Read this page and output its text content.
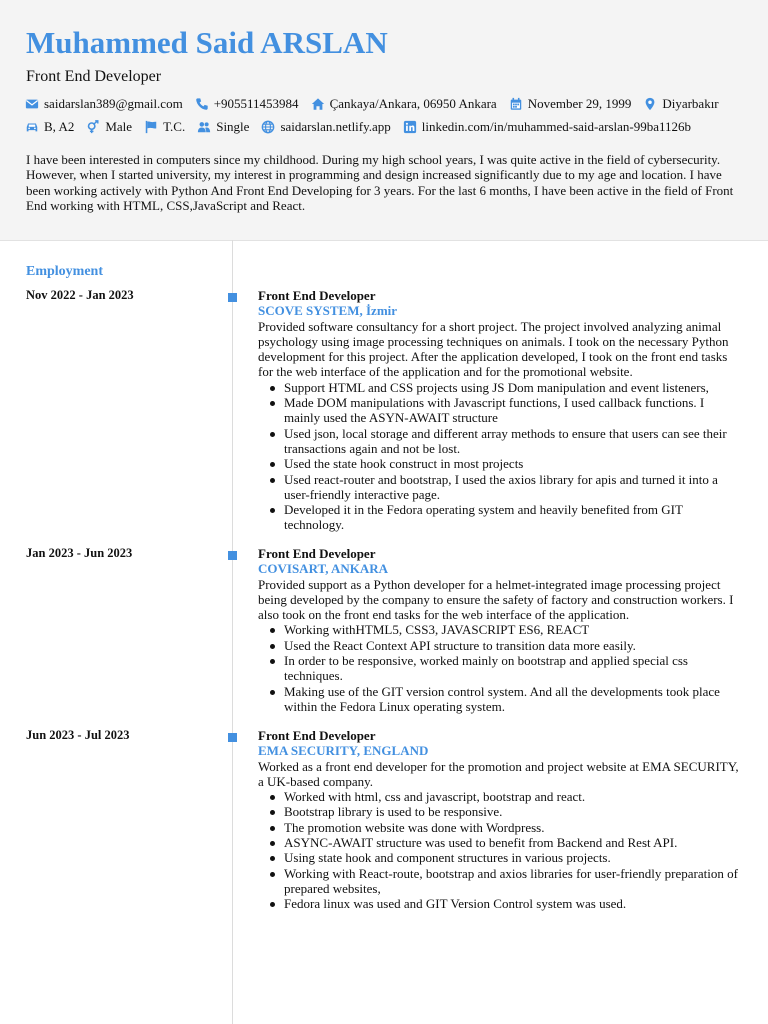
Muhammed Said ARSLAN
Front End Developer
saidarslan389@gmail.com +905511453984 Çankaya/Ankara, 06950 Ankara November 29, 1999 Diyarbakır
B, A2 Male T.C. Single saidarslan.netlify.app linkedin.com/in/muhammed-said-arslan-99ba1126b
I have been interested in computers since my childhood. During my high school years, I was quite active in the field of cybersecurity. However, when I started university, my interest in programming and design increased significantly due to my age and location. I have been working actively with Python And Front End Developing for 3 years. For the last 6 months, I have been active in the field of Front End working with HTML, CSS,JavaScript and React.
Employment
Nov 2022 - Jan 2023	Front End Developer
SCOVE SYSTEM, İzmir

Provided software consultancy for a short project. The project involved analyzing animal psychology using image processing techniques on animals. I took on the necessary Python development for this project. After the application developed, I took on the front end tasks for the web interface of the application and for the promotional website.

Support HTML and CSS projects using JS Dom manipulation and event listeners,
Made DOM manipulations with Javascript functions, I used callback functions. I mainly used the ASYN-AWAIT structure
Used json, local storage and different array methods to ensure that users can see their transactions again and not be lost.
Used the state hook construct in most projects
Used react-router and bootstrap, I used the axios library for apis and turned it into a user-friendly interactive page.
Developed it in the Fedora operating system and heavily benefited from GIT technology.
Jan 2023 - Jun 2023	Front End Developer
COVISART, ANKARA

Provided support as a Python developer for a helmet-integrated image processing project being developed by the company to ensure the safety of factory and construction workers. I also took on the front end tasks for the web interface of the application.

Working withHTML5, CSS3, JAVASCRIPT ES6, REACT
Used the React Context API structure to transition data more easily.
In order to be responsive, worked mainly on bootstrap and applied special css techniques.
Making use of the GIT version control system. And all the developments took place within the Fedora Linux operating system.
Jun 2023 - Jul 2023	Front End Developer
EMA SECURITY, ENGLAND

Worked as a front end developer for the promotion and project website at EMA SECURITY, a UK-based company.

Worked with html, css and javascript, bootstrap and react.
Bootstrap library is used to be responsive.
The promotion website was done with Wordpress.
ASYNC-AWAIT structure was used to benefit from Backend and Rest API.
Using state hook and component structures in various projects.
Working with React-route, bootstrap and axios libraries for user-friendly preparation of prepared websites,
Fedora linux was used and GIT Version Control system was used.
